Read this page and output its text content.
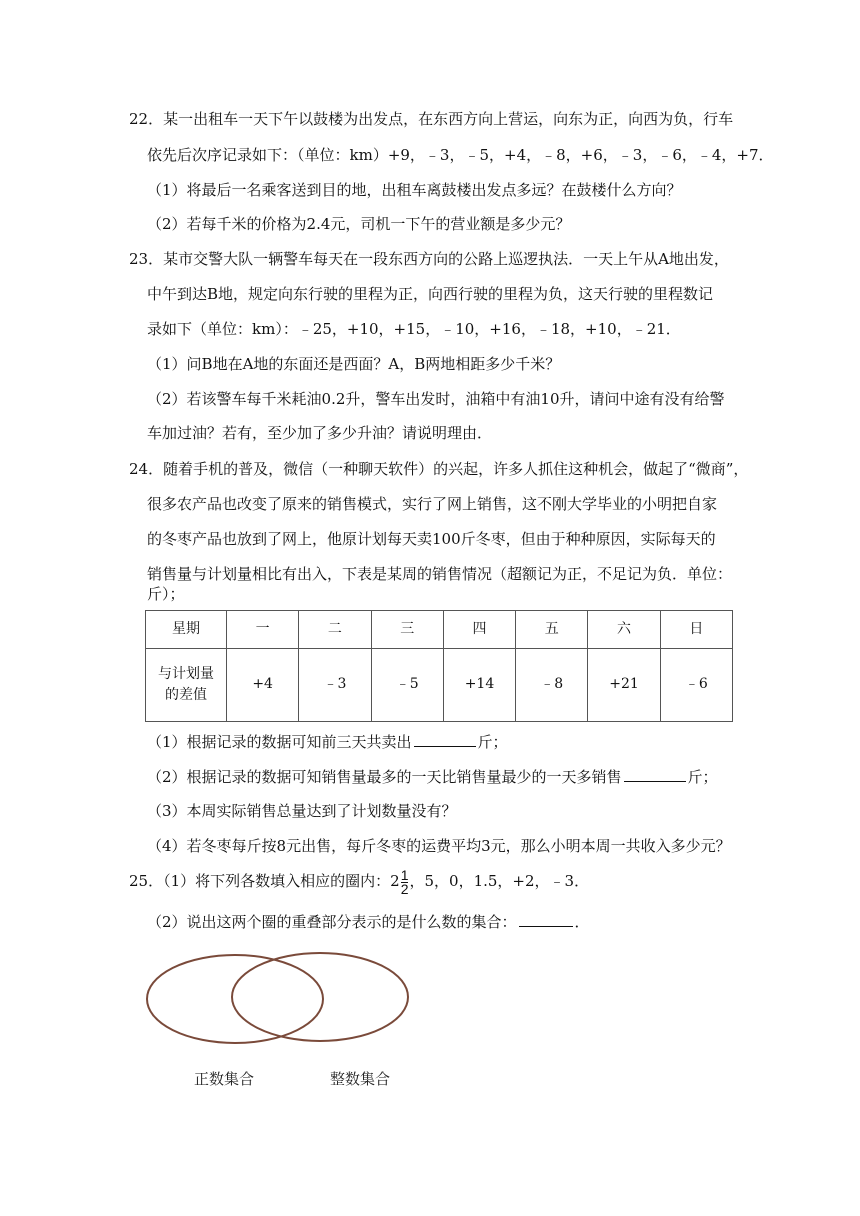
22．某一出租车一天下午以鼓楼为出发点，在东西方向上营运，向东为正，向西为负，行车
依先后次序记录如下：（单位：km）+9，﹣3，﹣5，+4，﹣8，+6，﹣3，﹣6，﹣4，+7．
（1）将最后一名乘客送到目的地，出租车离鼓楼出发点多远？在鼓楼什么方向？
（2）若每千米的价格为2.4元，司机一下午的营业额是多少元？
23．某市交警大队一辆警车每天在一段东西方向的公路上巡逻执法．一天上午从A地出发，
中午到达B地，规定向东行驶的里程为正，向西行驶的里程为负，这天行驶的里程数记
录如下（单位：km）：﹣25，+10，+15，﹣10，+16，﹣18，+10，﹣21．
（1）问B地在A地的东面还是西面？A，B两地相距多少千米？
（2）若该警车每千米耗油0.2升，警车出发时，油箱中有油10升，请问中途有没有给警
车加过油？若有，至少加了多少升油？请说明理由．
24．随着手机的普及，微信（一种聊天软件）的兴起，许多人抓住这种机会，做起了“微商”，
很多农产品也改变了原来的销售模式，实行了网上销售，这不刚大学毕业的小明把自家
的冬枣产品也放到了网上，他原计划每天卖100斤冬枣，但由于种种原因，实际每天的
销售量与计划量相比有出入，下表是某周的销售情况（超额记为正，不足记为负．单位：
斤）；
星期	一	二	三	四	五	六	日
与计划量
的差值	+4	﹣3	﹣5	+14	﹣8	+21	﹣6
（1）根据记录的数据可知前三天共卖出	斤；
（2）根据记录的数据可知销售量最多的一天比销售量最少的一天多销售	斤；
（3）本周实际销售总量达到了计划数量没有？
（4）若冬枣每斤按8元出售，每斤冬枣的运费平均3元，那么小明本周一共收入多少元？
25．（1）将下列各数填入相应的圈内：$2 \frac{1}{2}$ ，5，0，1.5，+2，﹣3．
（2）说出这两个圈的重叠部分表示的是什么数的集合：	．
正数集合	整数集合
